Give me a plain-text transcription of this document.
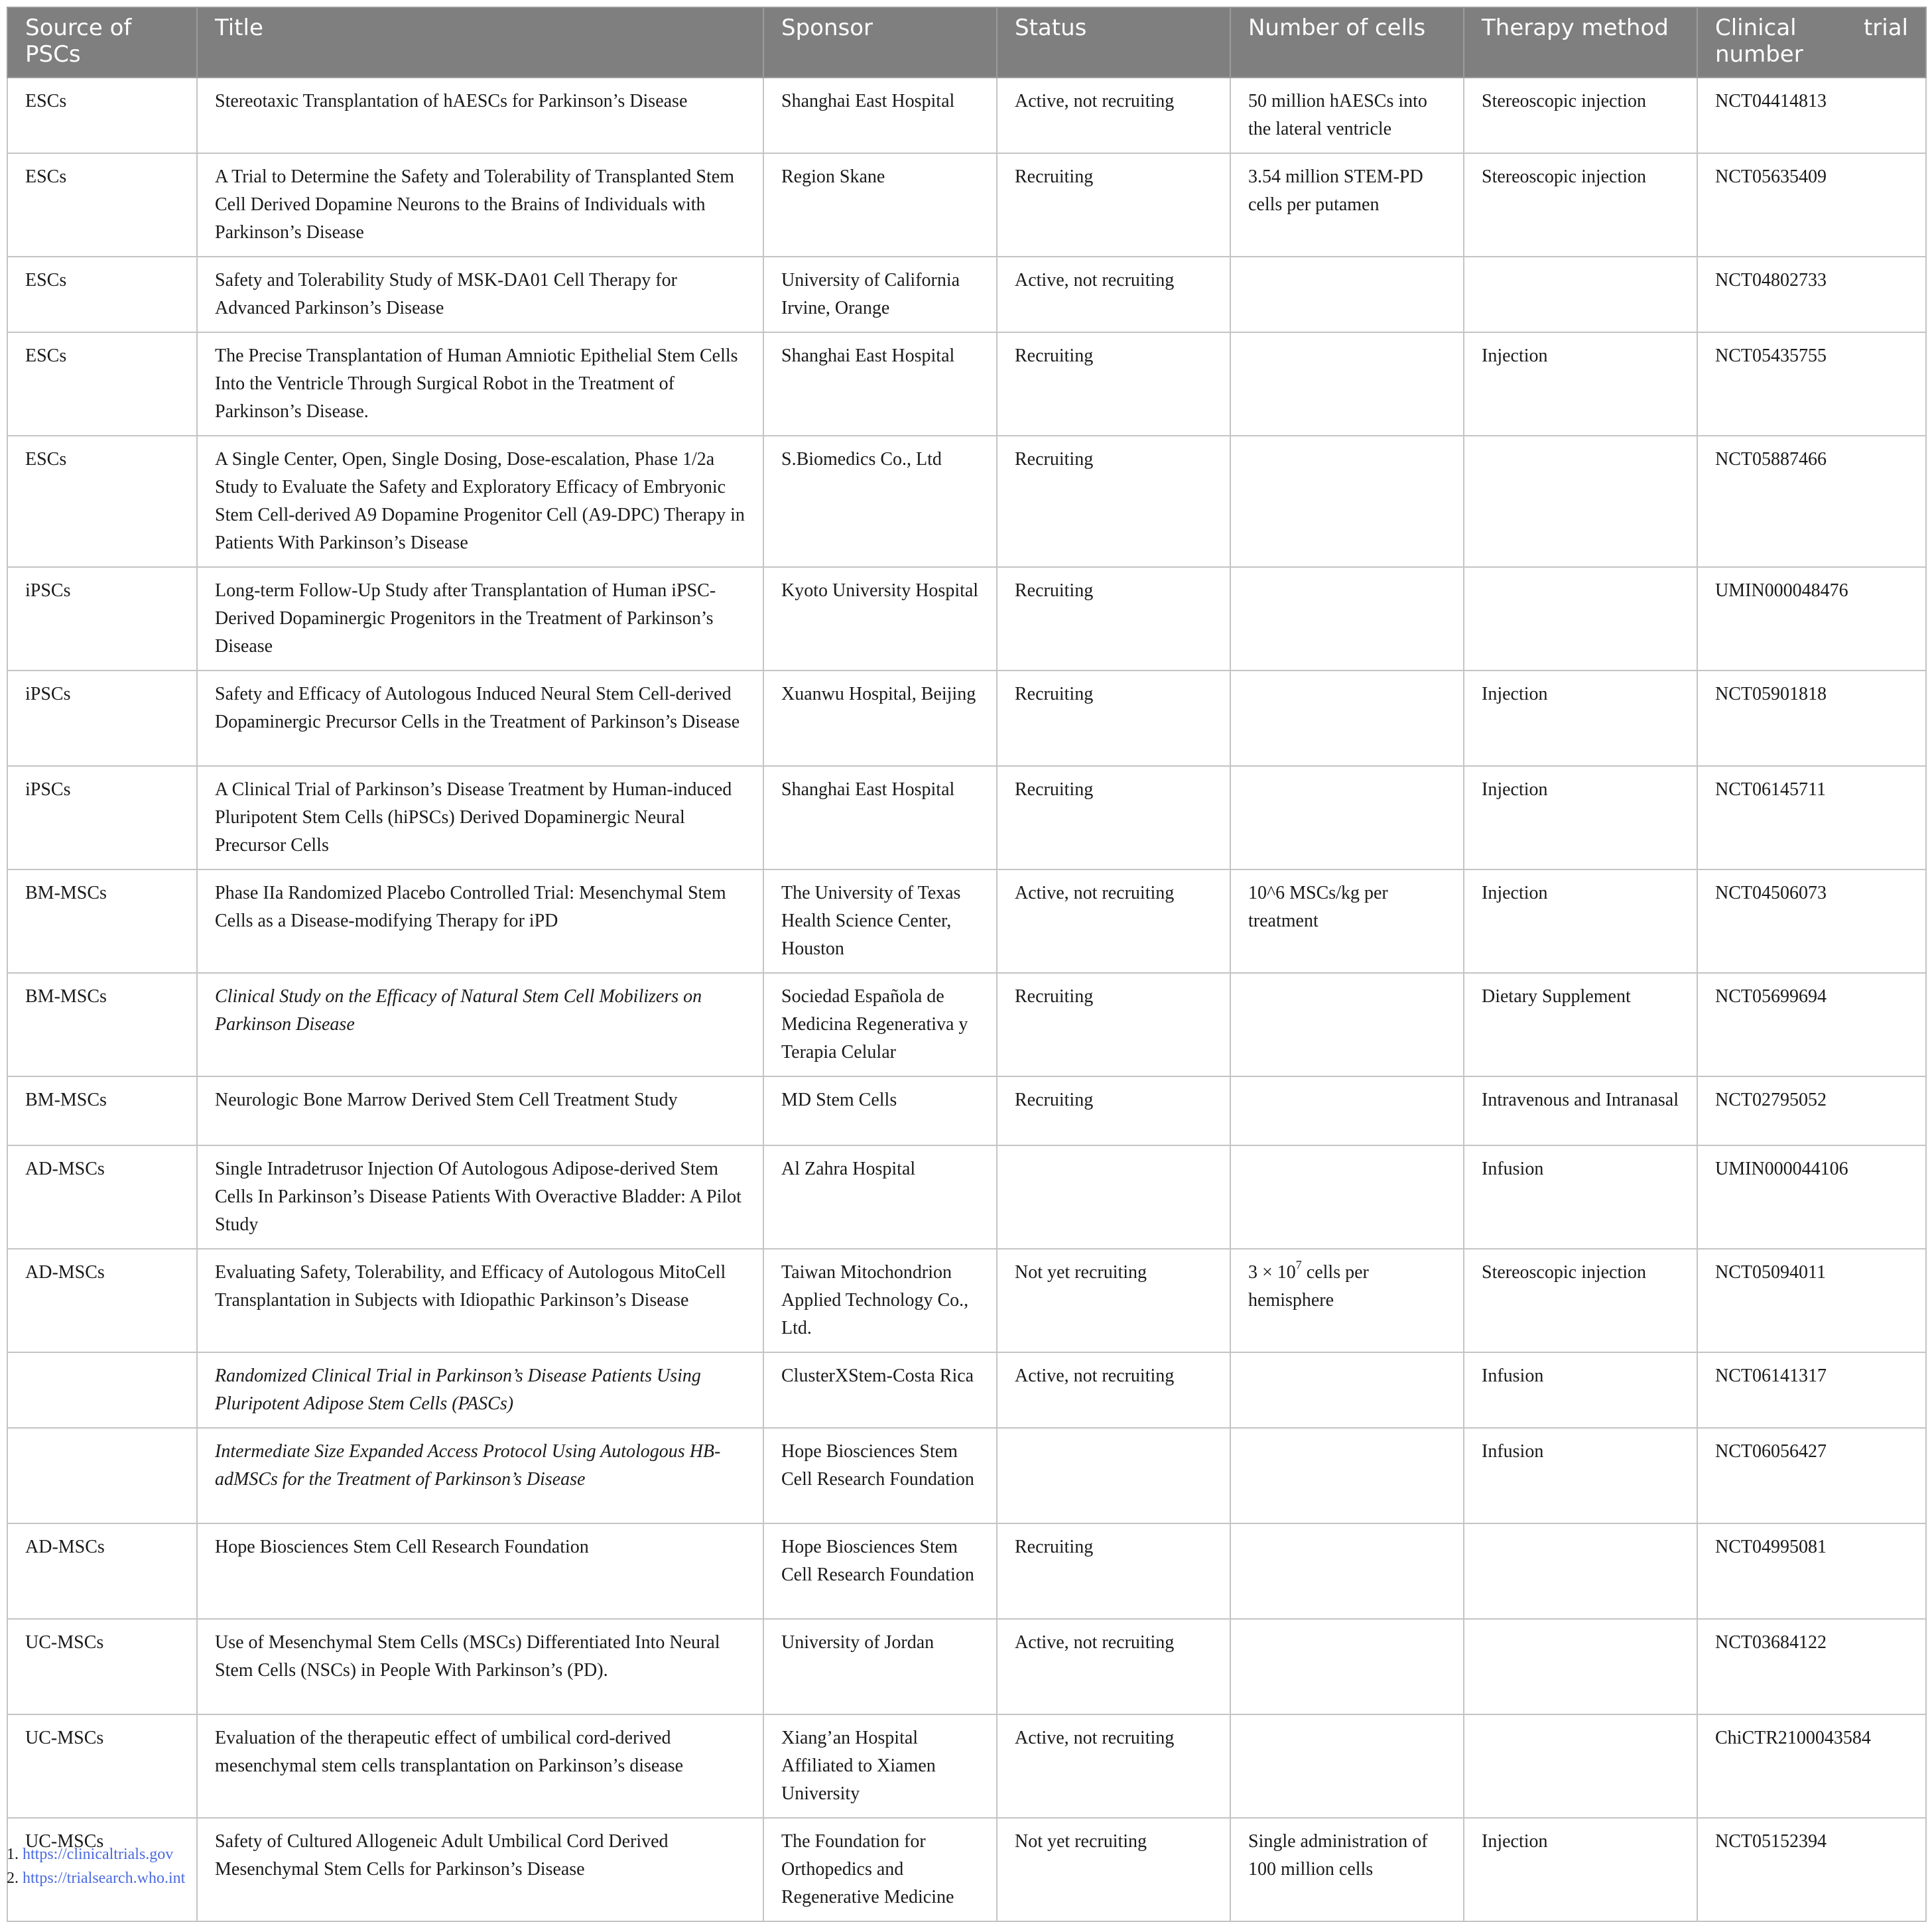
Source of PSCs	Title	Sponsor	Status	Number of cells	Therapy method	Clinical trial
number

ESCs	Stereotaxic Transplantation of hAESCs for Parkinson’s Disease	Shanghai East Hospital	Active, not recruiting	50 million hAESCs into the lateral ventricle	Stereoscopic injection	NCT04414813
ESCs	A Trial to Determine the Safety and Tolerability of Transplanted Stem Cell Derived Dopamine Neurons to the Brains of Individuals with Parkinson’s Disease	Region Skane	Recruiting	3.54 million STEM-PD cells per putamen	Stereoscopic injection	NCT05635409
ESCs	Safety and Tolerability Study of MSK-DA01 Cell Therapy for Advanced Parkinson’s Disease	University of California Irvine, Orange	Active, not recruiting			NCT04802733
ESCs	The Precise Transplantation of Human Amniotic Epithelial Stem Cells Into the Ventricle Through Surgical Robot in the Treatment of Parkinson’s Disease.	Shanghai East Hospital	Recruiting		Injection	NCT05435755
ESCs	A Single Center, Open, Single Dosing, Dose-escalation, Phase 1/2a Study to Evaluate the Safety and Exploratory Efficacy of Embryonic Stem Cell-derived A9 Dopamine Progenitor Cell (A9-DPC) Therapy in Patients With Parkinson’s Disease	S.Biomedics Co., Ltd	Recruiting			NCT05887466
iPSCs	Long-term Follow-Up Study after Transplantation of Human iPSC-Derived Dopaminergic Progenitors in the Treatment of Parkinson’s Disease	Kyoto University Hospital	Recruiting			UMIN000048476
iPSCs	Safety and Efficacy of Autologous Induced Neural Stem Cell-derived Dopaminergic Precursor Cells in the Treatment of Parkinson’s Disease	Xuanwu Hospital, Beijing	Recruiting		Injection	NCT05901818
iPSCs	A Clinical Trial of Parkinson’s Disease Treatment by Human-induced Pluripotent Stem Cells (hiPSCs) Derived Dopaminergic Neural Precursor Cells	Shanghai East Hospital	Recruiting		Injection	NCT06145711
BM-MSCs	Phase IIa Randomized Placebo Controlled Trial: Mesenchymal Stem Cells as a Disease-modifying Therapy for iPD	The University of Texas Health Science Center, Houston	Active, not recruiting	10^6 MSCs/kg per treatment	Injection	NCT04506073
BM-MSCs	Clinical Study on the Efficacy of Natural Stem Cell Mobilizers on Parkinson Disease	Sociedad Española de Medicina Regenerativa y Terapia Celular	Recruiting		Dietary Supplement	NCT05699694
BM-MSCs	Neurologic Bone Marrow Derived Stem Cell Treatment Study	MD Stem Cells	Recruiting		Intravenous and Intranasal	NCT02795052
AD-MSCs	Single Intradetrusor Injection Of Autologous Adipose-derived Stem Cells In Parkinson’s Disease Patients With Overactive Bladder: A Pilot Study	Al Zahra Hospital			Infusion	UMIN000044106
AD-MSCs	Evaluating Safety, Tolerability, and Efficacy of Autologous MitoCell Transplantation in Subjects with Idiopathic Parkinson’s Disease	Taiwan Mitochondrion Applied Technology Co., Ltd.	Not yet recruiting	$3 \times 10^7$ cells per hemisphere	Stereoscopic injection	NCT05094011
	Randomized Clinical Trial in Parkinson’s Disease Patients Using Pluripotent Adipose Stem Cells (PASCs)	ClusterXStem-Costa Rica	Active, not recruiting		Infusion	NCT06141317
	Intermediate Size Expanded Access Protocol Using Autologous HB-adMSCs for the Treatment of Parkinson’s Disease	Hope Biosciences Stem Cell Research Foundation			Infusion	NCT06056427
AD-MSCs	Hope Biosciences Stem Cell Research Foundation	Hope Biosciences Stem Cell Research Foundation	Recruiting			NCT04995081
UC-MSCs	Use of Mesenchymal Stem Cells (MSCs) Differentiated Into Neural Stem Cells (NSCs) in People With Parkinson’s (PD).	University of Jordan	Active, not recruiting			NCT03684122
UC-MSCs	Evaluation of the therapeutic effect of umbilical cord-derived mesenchymal stem cells transplantation on Parkinson’s disease	Xiang’an Hospital Affiliated to Xiamen University	Active, not recruiting			ChiCTR2100043584
UC-MSCs	Safety of Cultured Allogeneic Adult Umbilical Cord Derived Mesenchymal Stem Cells for Parkinson’s Disease	The Foundation for Orthopedics and Regenerative Medicine	Not yet recruiting	Single administration of 100 million cells	Injection	NCT05152394
1. https://clinicaltrials.gov
2. https://trialsearch.who.int
